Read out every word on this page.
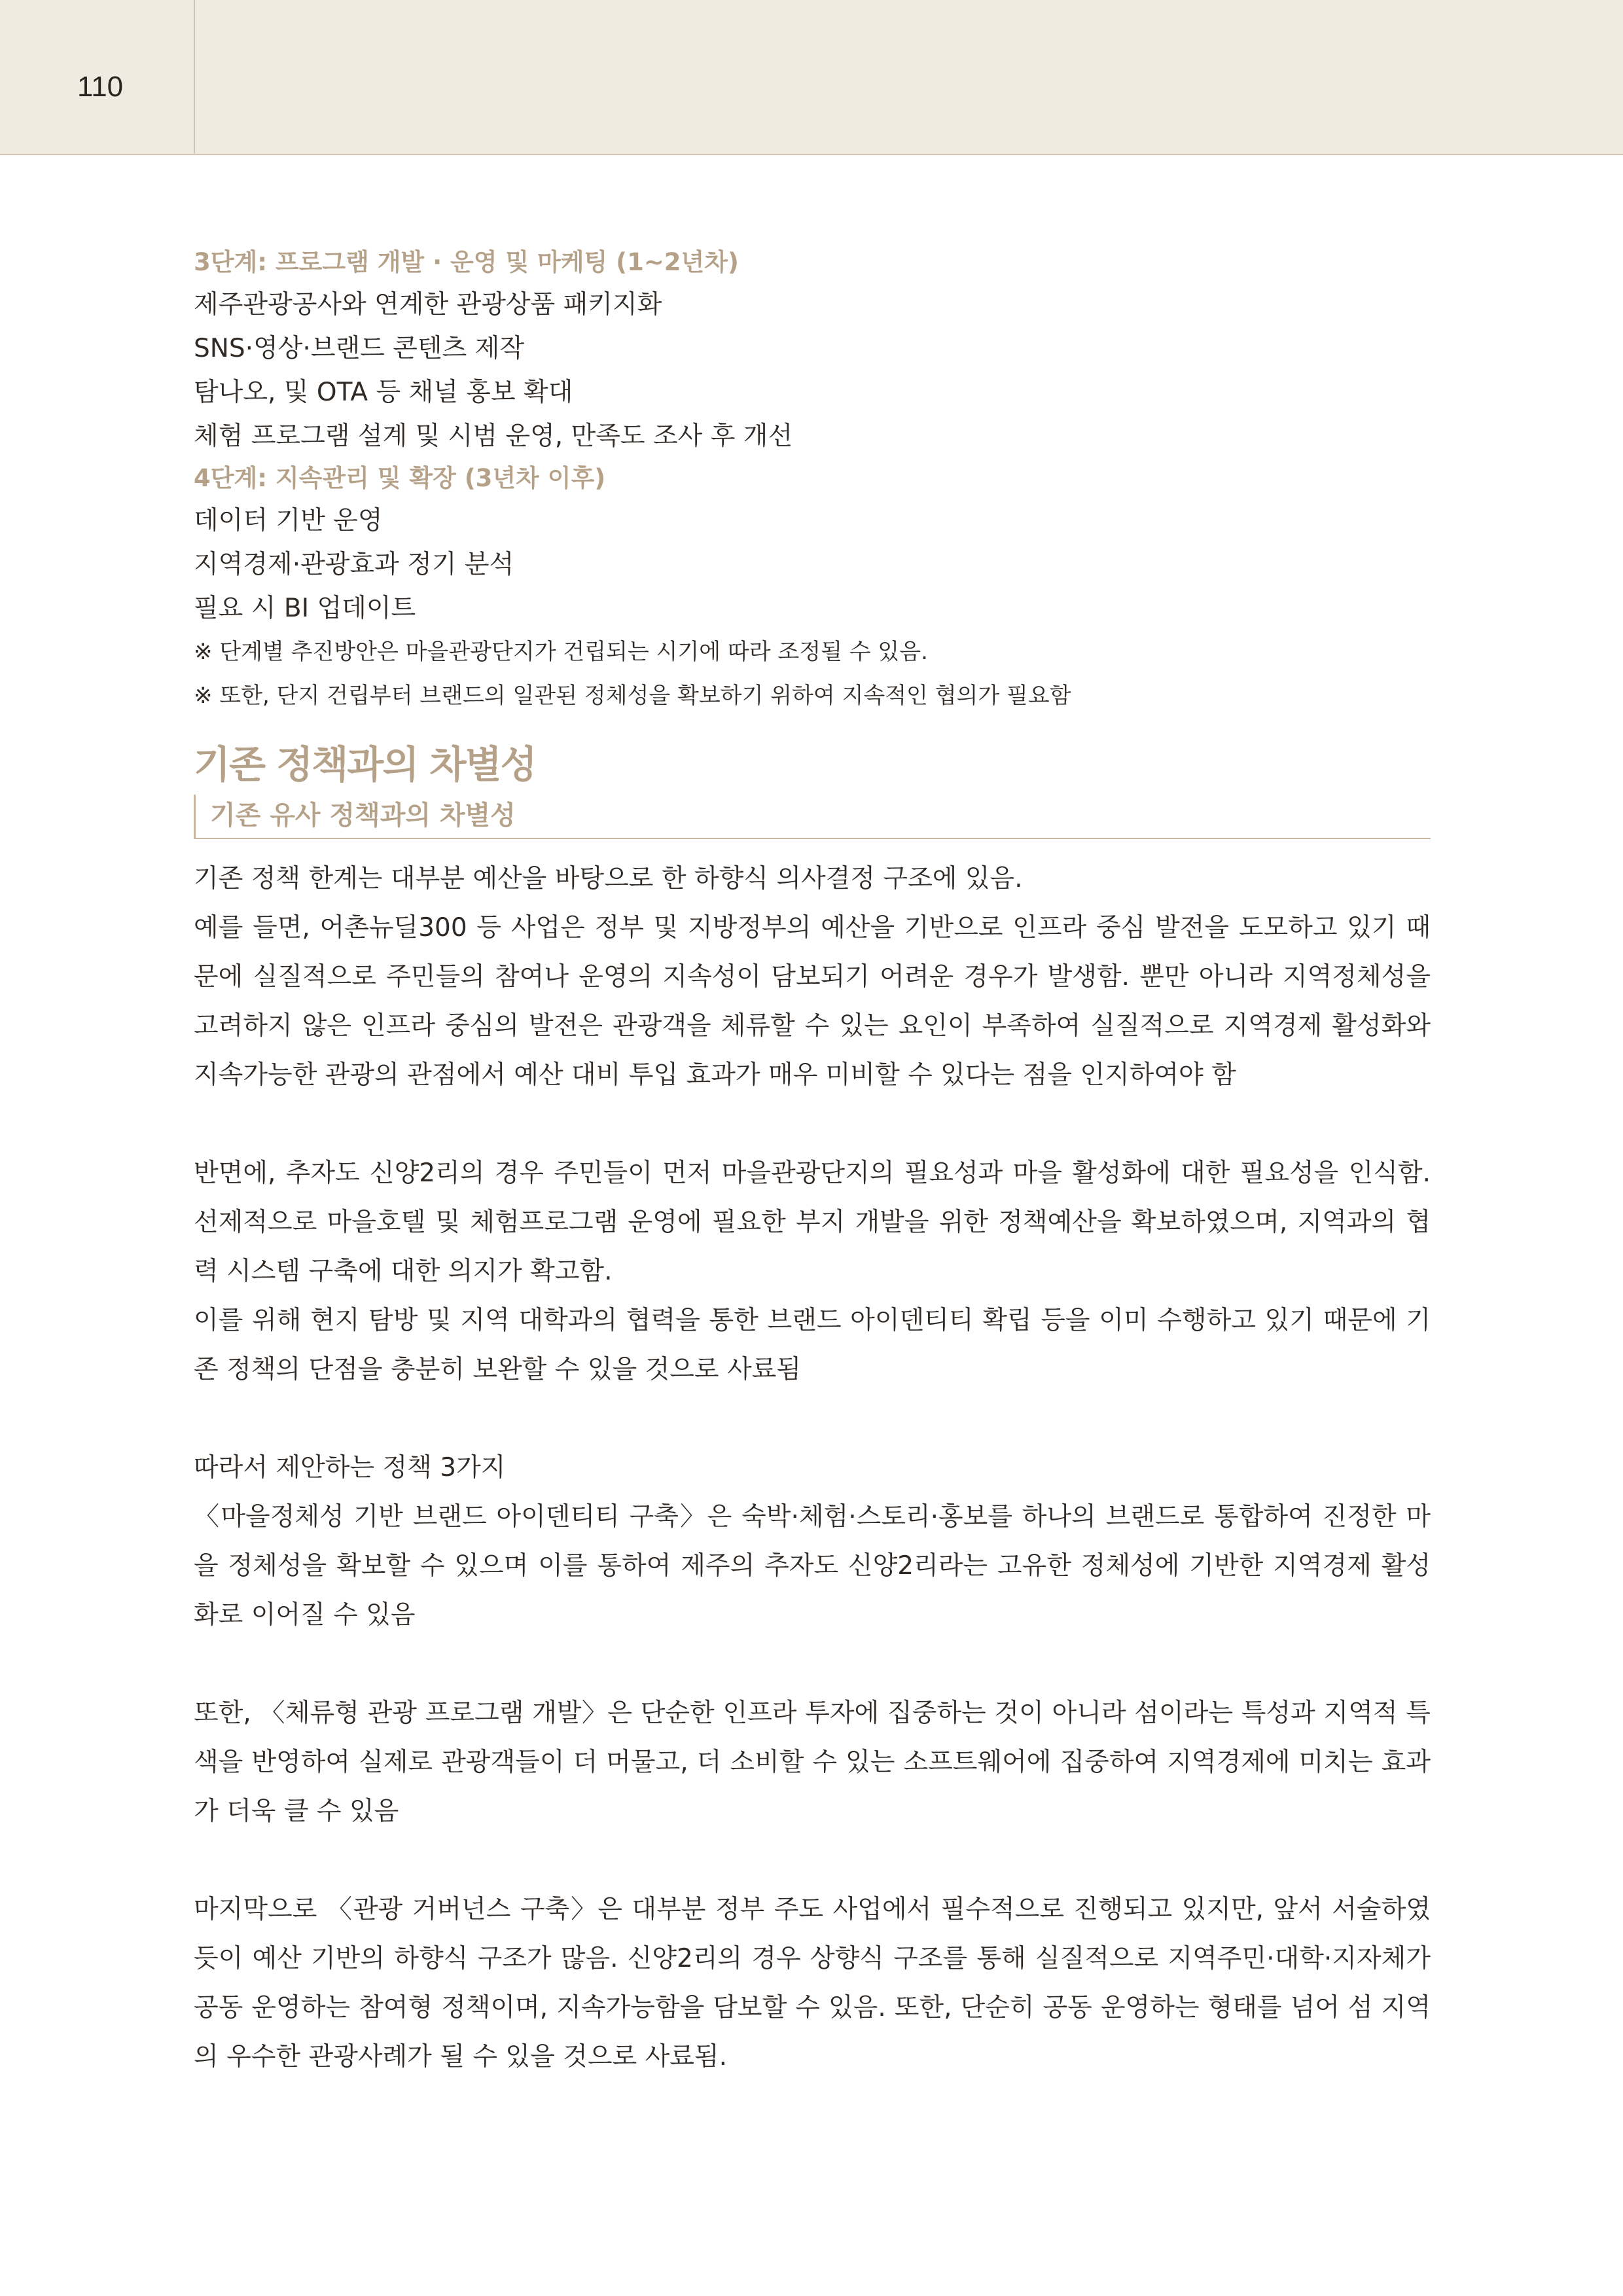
110
3단계: 프로그램 개발 · 운영 및 마케팅 (1~2년차)
제주관광공사와 연계한 관광상품 패키지화
SNS·영상·브랜드 콘텐츠 제작
탐나오, 및 OTA 등 채널 홍보 확대
체험 프로그램 설계 및 시범 운영, 만족도 조사 후 개선
4단계: 지속관리 및 확장 (3년차 이후)
데이터 기반 운영
지역경제·관광효과 정기 분석
필요 시 BI 업데이트
※ 단계별 추진방안은 마을관광단지가 건립되는 시기에 따라 조정될 수 있음.
※ 또한, 단지 건립부터 브랜드의 일관된 정체성을 확보하기 위하여 지속적인 협의가 필요함
기존 정책과의 차별성
기존 유사 정책과의 차별성

기존 정책 한계는 대부분 예산을 바탕으로 한 하향식 의사결정 구조에 있음.

예를 들면, 어촌뉴딜300 등 사업은 정부 및 지방정부의 예산을 기반으로 인프라 중심 발전을 도모하고 있기 때문에 실질적으로 주민들의 참여나 운영의 지속성이 담보되기 어려운 경우가 발생함. 뿐만 아니라 지역정체성을 고려하지 않은 인프라 중심의 발전은 관광객을 체류할 수 있는 요인이 부족하여 실질적으로 지역경제 활성화와 지속가능한 관광의 관점에서 예산 대비 투입 효과가 매우 미비할 수 있다는 점을 인지하여야 함

반면에, 추자도 신양2리의 경우 주민들이 먼저 마을관광단지의 필요성과 마을 활성화에 대한 필요성을 인식함. 선제적으로 마을호텔 및 체험프로그램 운영에 필요한 부지 개발을 위한 정책예산을 확보하였으며, 지역과의 협력 시스템 구축에 대한 의지가 확고함.

이를 위해 현지 탐방 및 지역 대학과의 협력을 통한 브랜드 아이덴티티 확립 등을 이미 수행하고 있기 때문에 기존 정책의 단점을 충분히 보완할 수 있을 것으로 사료됨

따라서 제안하는 정책 3가지

〈마을정체성 기반 브랜드 아이덴티티 구축〉은 숙박·체험·스토리·홍보를 하나의 브랜드로 통합하여 진정한 마을 정체성을 확보할 수 있으며 이를 통하여 제주의 추자도 신양2리라는 고유한 정체성에 기반한 지역경제 활성화로 이어질 수 있음

또한, 〈체류형 관광 프로그램 개발〉은 단순한 인프라 투자에 집중하는 것이 아니라 섬이라는 특성과 지역적 특색을 반영하여 실제로 관광객들이 더 머물고, 더 소비할 수 있는 소프트웨어에 집중하여 지역경제에 미치는 효과가 더욱 클 수 있음

마지막으로 〈관광 거버넌스 구축〉은 대부분 정부 주도 사업에서 필수적으로 진행되고 있지만, 앞서 서술하였듯이 예산 기반의 하향식 구조가 많음. 신양2리의 경우 상향식 구조를 통해 실질적으로 지역주민·대학·지자체가 공동 운영하는 참여형 정책이며, 지속가능함을 담보할 수 있음. 또한, 단순히 공동 운영하는 형태를 넘어 섬 지역의 우수한 관광사례가 될 수 있을 것으로 사료됨.
